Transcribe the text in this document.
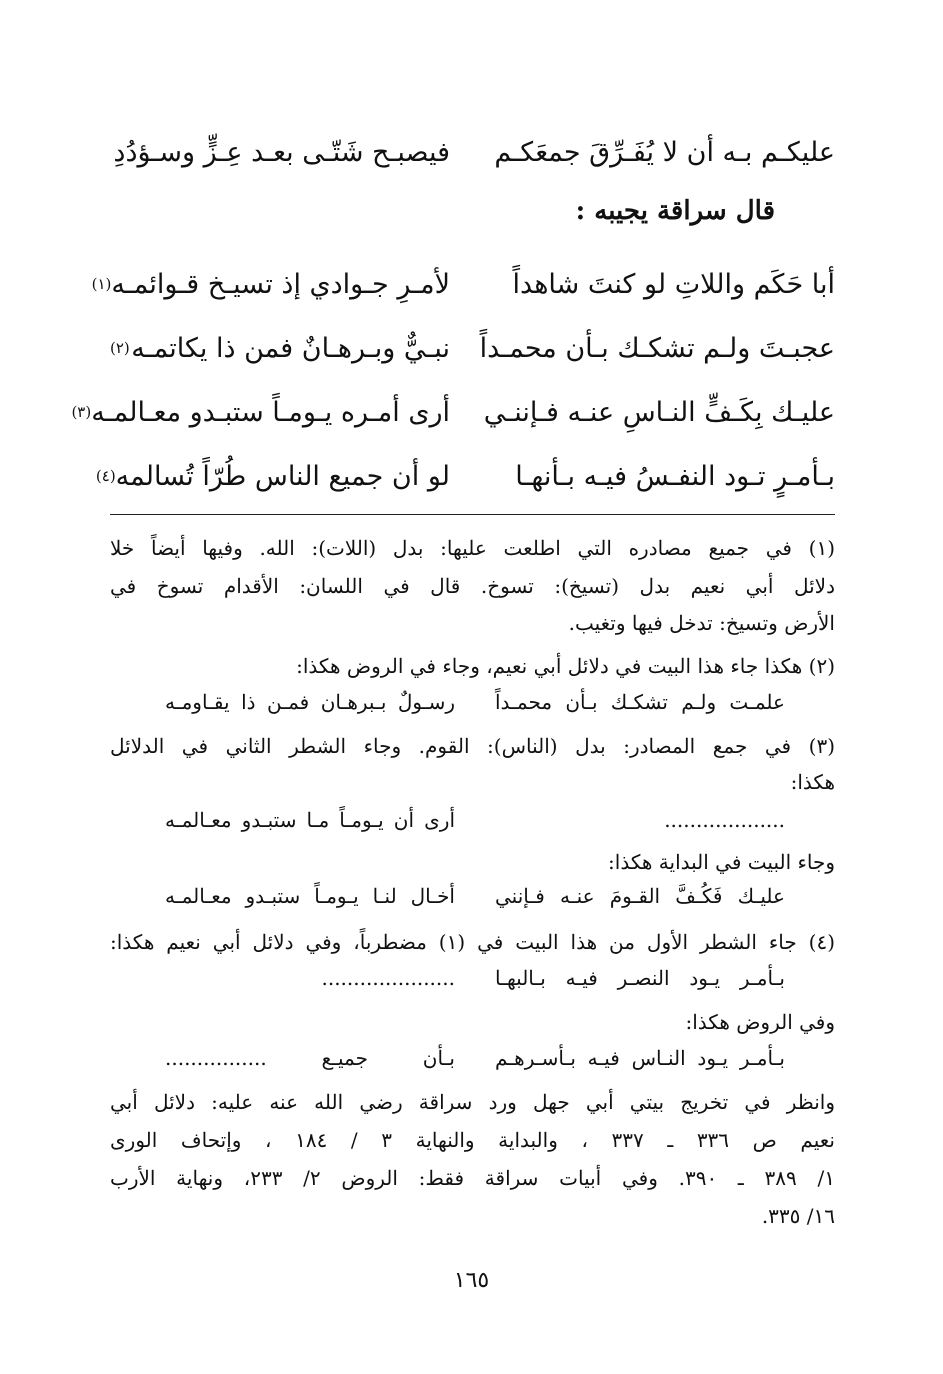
عليكـم بـه أن لا يُفَـرِّقَ جمعَكـم
فيصبـح شَتّـى بعـد عِـزٍّ وسـؤدُدِ
قال سراقة يجيبه :
أبا حَكَم واللاتِ لو كنتَ شاهداً
لأمـرِ جـوادي إذ تسيـخ قـوائمـه
(١)
عجبـتَ ولـم تشكـك بـأن محمـداً
نبـيٌّ وبـرهـانٌ فمن ذا يكاتمـه
(٢)
عليـك بِكَـفٍّ النـاسِ عنـه فـإننـي
أرى أمـره يـومـاً ستبـدو معـالمـه
(٣)
بـأمـرٍ تـود النفـسُ فيـه بـأنهـا
لو أن جميع الناس طُرّاً تُسالمه
(٤)
(١) في جميع مصادره التي اطلعت عليها: بدل (اللات): الله. وفيها أيضاً خلا
دلائل أبي نعيم بدل (تسيخ): تسوخ. قال في اللسان: الأقدام تسوخ في
الأرض وتسيخ: تدخل فيها وتغيب.
(٢) هكذا جاء هذا البيت في دلائل أبي نعيم، وجاء في الروض هكذا:
علمـت ولـم تشكـك بـأن محمـداً
رسـولٌ بـبرهـان فمـن ذا يقـاومـه
(٣) في جمع المصادر: بدل (الناس): القوم. وجاء الشطر الثاني في الدلائل
هكذا:
...................
أرى أن يـومـاً مـا ستبـدو معـالمـه
وجاء البيت في البداية هكذا:
عليـك فَكُـفَّ القـومَ عنـه فـإنني
أخـال لنـا يـومـاً ستبـدو معـالمـه
(٤) جاء الشطر الأول من هذا البيت في (١) مضطرباً، وفي دلائل أبي نعيم هكذا:
بـأمـر يـود النصـر فيـه بـالبهـا
.....................
وفي الروض هكذا:
بـأمـر يـود النـاس فيـه بـأسـرهـم
بـأن جميـع ................
وانظر في تخريج بيتي أبي جهل ورد سراقة رضي الله عنه عليه: دلائل أبي
نعيم ص ٣٣٦ ـ ٣٣٧ ، والبداية والنهاية ٣ / ١٨٤ ، وإتحاف الورى
١/ ٣٨٩ ـ ٣٩٠. وفي أبيات سراقة فقط: الروض ٢/ ٢٣٣، ونهاية الأرب
١٦/ ٣٣٥.
١٦٥
